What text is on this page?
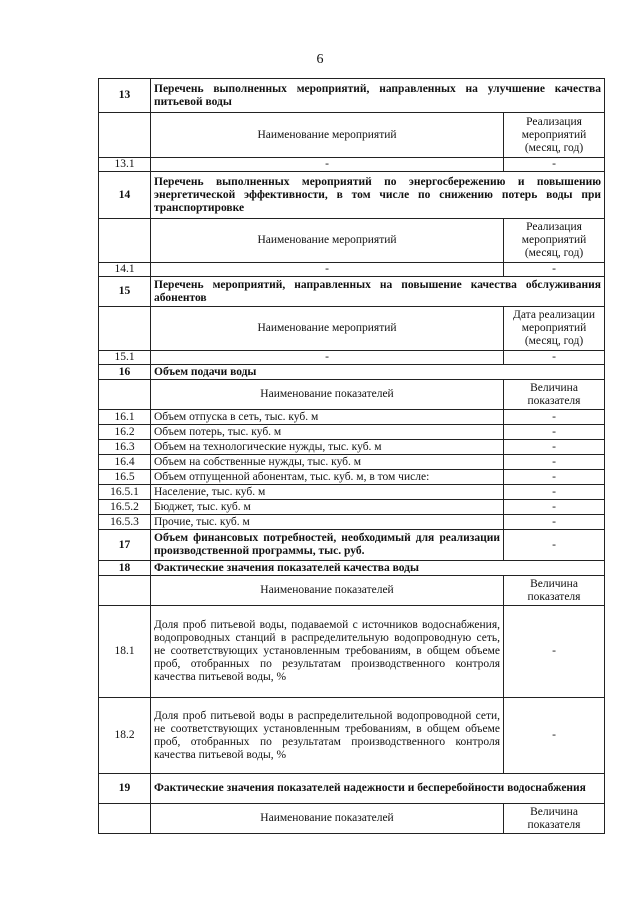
6
13	Перечень выполненных мероприятий, направленных на улучшение качества питьевой воды	
	Наименование мероприятий	Реализация мероприятий (месяц, год)
13.1	-	-
14	Перечень выполненных мероприятий по энергосбережению и повышению энергетической эффективности, в том числе по снижению потерь воды при транспортировке	
	Наименование мероприятий	Реализация мероприятий (месяц, год)
14.1	-	-
15	Перечень мероприятий, направленных на повышение качества обслуживания абонентов	
	Наименование мероприятий	Дата реализации мероприятий (месяц, год)
15.1	-	-
16	Объем подачи воды	
	Наименование показателей	Величина показателя
16.1	Объем отпуска в сеть, тыс. куб. м	-
16.2	Объем потерь, тыс. куб. м	-
16.3	Объем на технологические нужды, тыс. куб. м	-
16.4	Объем на собственные нужды, тыс. куб. м	-
16.5	Объем отпущенной абонентам, тыс. куб. м, в том числе:	-
16.5.1	Население, тыс. куб. м	-
16.5.2	Бюджет, тыс. куб. м	-
16.5.3	Прочие, тыс. куб. м	-
17	Объем финансовых потребностей, необходимый для реализации производственной программы, тыс. руб.	-
18	Фактические значения показателей качества воды	
	Наименование показателей	Величина показателя
18.1	Доля проб питьевой воды, подаваемой с источников водоснабжения, водопроводных станций в распределительную водопроводную сеть, не соответствующих установленным требованиям, в общем объеме проб, отобранных по результатам производственного контроля качества питьевой воды, %	-
18.2	Доля проб питьевой воды в распределительной водопроводной сети, не соответствующих установленным требованиям, в общем объеме проб, отобранных по результатам производственного контроля качества питьевой воды, %	-
19	Фактические значения показателей надежности и бесперебойности водоснабжения	
	Наименование показателей	Величина показателя
